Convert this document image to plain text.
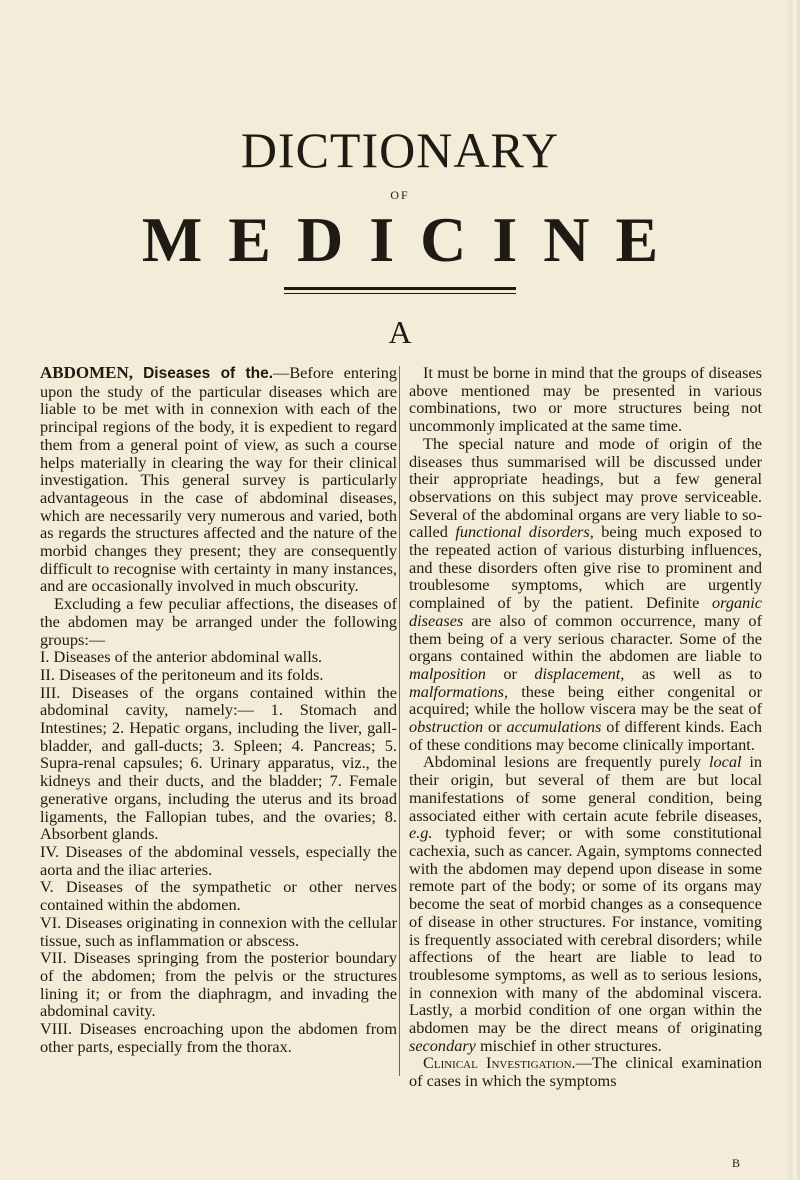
DICTIONARY
OF
MEDICINE
A

ABDOMEN, Diseases of the.—Before entering upon the study of the particular diseases which are liable to be met with in connexion with each of the principal regions of the body, it is expedient to regard them from a general point of view, as such a course helps materially in clearing the way for their clinical investigation. This general survey is particularly advantageous in the case of abdominal diseases, which are necessarily very numerous and varied, both as regards the structures affected and the nature of the morbid changes they present; they are consequently difficult to recognise with certainty in many instances, and are occasionally involved in much obscurity.

Excluding a few peculiar affections, the diseases of the abdomen may be arranged under the following groups:—

I. Diseases of the anterior abdominal walls.

II. Diseases of the peritoneum and its folds.

III. Diseases of the organs contained within the abdominal cavity, namely:— 1. Stomach and Intestines; 2. Hepatic organs, including the liver, gall-bladder, and gall-ducts; 3. Spleen; 4. Pancreas; 5. Supra-renal capsules; 6. Urinary apparatus, viz., the kidneys and their ducts, and the bladder; 7. Female generative organs, including the uterus and its broad ligaments, the Fallopian tubes, and the ovaries; 8. Absorbent glands.

IV. Diseases of the abdominal vessels, especially the aorta and the iliac arteries.

V. Diseases of the sympathetic or other nerves contained within the abdomen.

VI. Diseases originating in connexion with the cellular tissue, such as inflammation or abscess.

VII. Diseases springing from the posterior boundary of the abdomen; from the pelvis or the structures lining it; or from the diaphragm, and invading the abdominal cavity.

VIII. Diseases encroaching upon the abdomen from other parts, especially from the thorax.

It must be borne in mind that the groups of diseases above mentioned may be presented in various combinations, two or more structures being not uncommonly implicated at the same time.

The special nature and mode of origin of the diseases thus summarised will be discussed under their appropriate headings, but a few general observations on this subject may prove serviceable. Several of the abdominal organs are very liable to so-called functional disorders, being much exposed to the repeated action of various disturbing influences, and these disorders often give rise to prominent and troublesome symptoms, which are urgently complained of by the patient. Definite organic diseases are also of common occurrence, many of them being of a very serious character. Some of the organs contained within the abdomen are liable to malposition or displacement, as well as to malformations, these being either congenital or acquired; while the hollow viscera may be the seat of obstruction or accumulations of different kinds. Each of these conditions may become clinically important.

Abdominal lesions are frequently purely local in their origin, but several of them are but local manifestations of some general condition, being associated either with certain acute febrile diseases, e.g. typhoid fever; or with some constitutional cachexia, such as cancer. Again, symptoms connected with the abdomen may depend upon disease in some remote part of the body; or some of its organs may become the seat of morbid changes as a consequence of disease in other structures. For instance, vomiting is frequently associated with cerebral disorders; while affections of the heart are liable to lead to troublesome symptoms, as well as to serious lesions, in connexion with many of the abdominal viscera. Lastly, a morbid condition of one organ within the abdomen may be the direct means of originating secondary mischief in other structures.

Clinical Investigation.—The clinical examination of cases in which the symptoms

B
